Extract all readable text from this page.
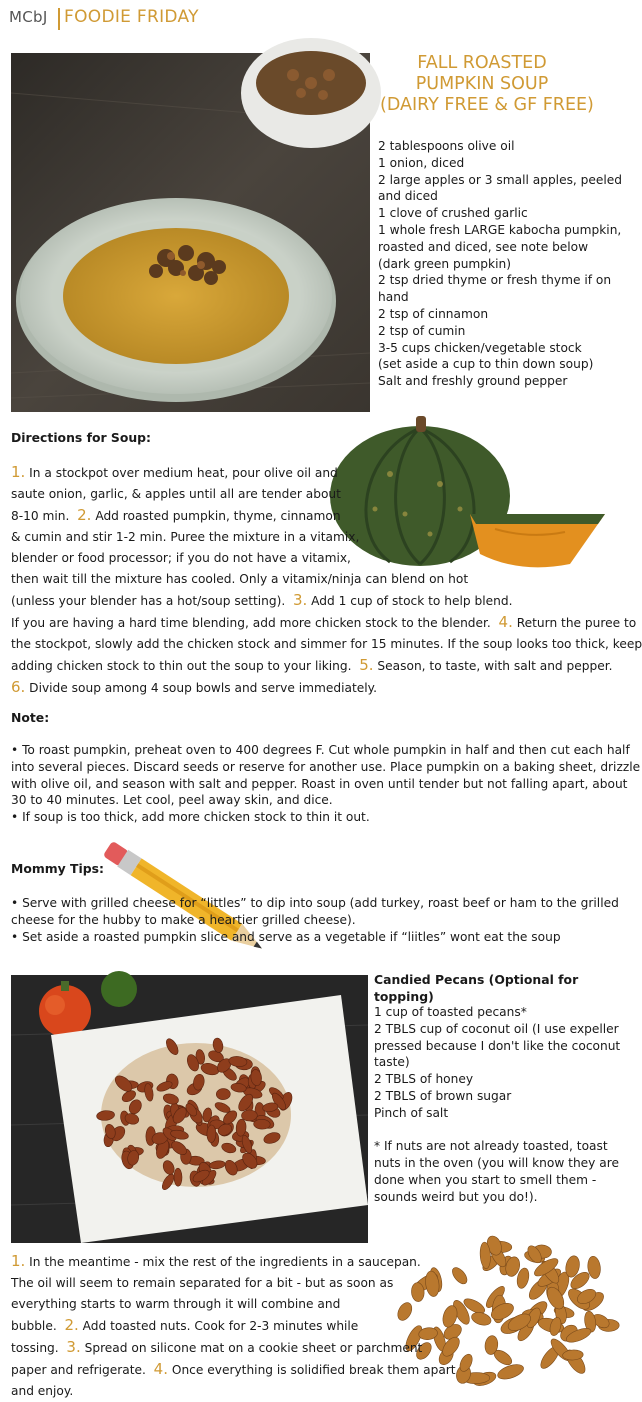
MCbJ FOODIE FRIDAY
FALL ROASTED
PUMPKIN SOUP
(DAIRY FREE & GF FREE)
2 tablespoons olive oil
1 onion, diced
2 large apples or 3 small apples, peeled
and diced
1 clove of crushed garlic
1 whole fresh LARGE kabocha pumpkin,
roasted and diced, see note below
(dark green pumpkin)
2 tsp dried thyme or fresh thyme if on
hand
2 tsp of cinnamon
2 tsp of cumin
3-5 cups chicken/vegetable stock
(set aside a cup to thin down soup)
Salt and freshly ground pepper
Directions for Soup:
1. In a stockpot over medium heat, pour olive oil and
saute onion, garlic, & apples until all are tender about
8-10 min.  2. Add roasted pumpkin, thyme, cinnamon
& cumin and stir 1-2 min. Puree the mixture in a vitamix,
blender or food processor; if you do not have a vitamix,
then wait till the mixture has cooled. Only a vitamix/ninja can blend on hot
(unless your blender has a hot/soup setting).  3. Add 1 cup of stock to help blend.
If you are having a hard time blending, add more chicken stock to the blender.  4. Return the puree to
the stockpot, slowly add the chicken stock and simmer for 15 minutes. If the soup looks too thick, keep
adding chicken stock to thin out the soup to your liking.  5. Season, to taste, with salt and pepper.
6. Divide soup among 4 soup bowls and serve immediately.
Note:
• To roast pumpkin, preheat oven to 400 degrees F. Cut whole pumpkin in half and then cut each half
into several pieces. Discard seeds or reserve for another use. Place pumpkin on a baking sheet, drizzle
with olive oil, and season with salt and pepper. Roast in oven until tender but not falling apart, about
30 to 40 minutes. Let cool, peel away skin, and dice.
• If soup is too thick, add more chicken stock to thin it out.
Mommy Tips:
• Serve with grilled cheese for “littles” to dip into soup (add turkey, roast beef or ham to the grilled
cheese for the hubby to make a heartier grilled cheese).
• Set aside a roasted pumpkin slice and serve as a vegetable if “liitles” wont eat the soup
Candied Pecans (Optional for topping)
1 cup of toasted pecans*
2 TBLS cup of coconut oil (I use expeller
pressed because I don't like the coconut
taste)
2 TBLS of honey
2 TBLS of brown sugar
Pinch of salt

* If nuts are not already toasted, toast
nuts in the oven (you will know they are
done when you start to smell them -
sounds weird but you do!).
1. In the meantime - mix the rest of the ingredients in a saucepan.
The oil will seem to remain separated for a bit - but as soon as
everything starts to warm through it will combine and
bubble.  2. Add toasted nuts. Cook for 2-3 minutes while
tossing.  3. Spread on silicone mat on a cookie sheet or parchment
paper and refrigerate.  4. Once everything is solidified break them apart
and enjoy.
